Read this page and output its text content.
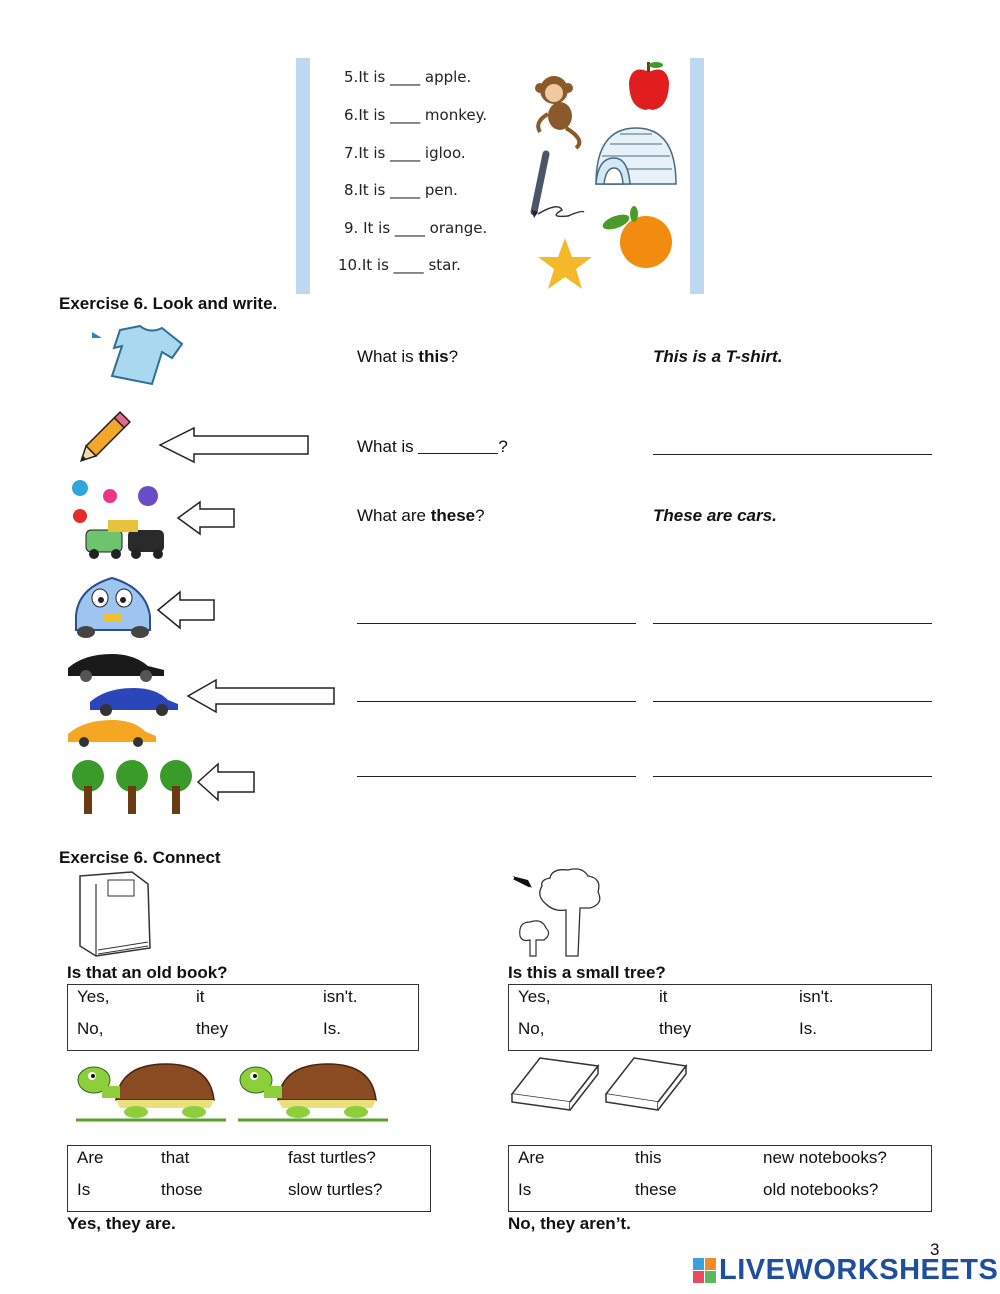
5.It is ____ apple.
6.It is ____ monkey.
7.It is ____ igloo.
8.It is ____ pen.
9. It is ____ orange.
10.It is ____ star.
Exercise 6. Look and write.
What is this?	This is a T-shirt.
What is	?
What are these?	These are cars.
Exercise 6. Connect
Is that an old book?
Yes,	it	isn't.
No,	they	Is.
Is this a small tree?
Yes,	it	isn't.
No,	they	Is.
Are	that	fast turtles?
Is	those	slow turtles?
Yes, they are.
Are	this	new notebooks?
Is	these	old notebooks?
No, they aren’t.
3
LIVEWORKSHEETS
